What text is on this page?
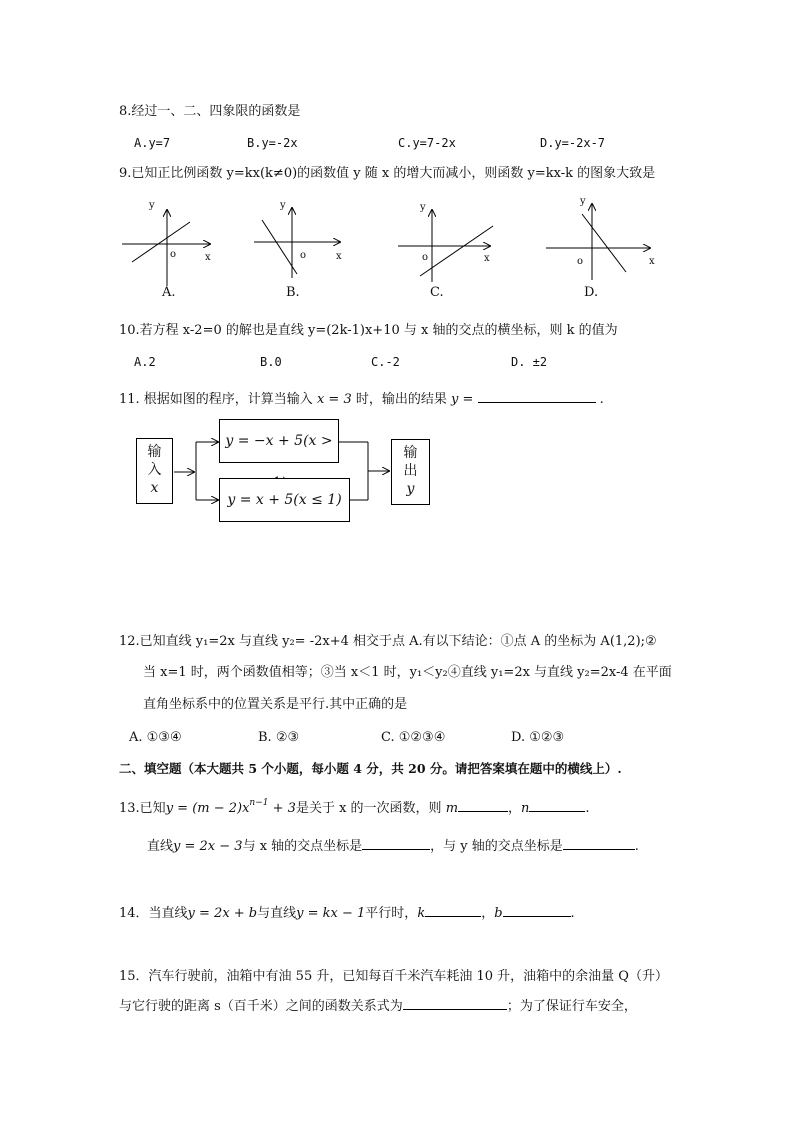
8.经过一、二、四象限的函数是
A.y=7	B.y=-2x	C.y=7-2x	D.y=-2x-7
9.已知正比例函数 y=kx(k≠0)的函数值 y 随 x 的增大而减小，则函数 y=kx-k 的图象大致是
y
x
o
A.
y
x
o
B.
y
x
o
C.
y
x
o
D.
10.若方程 x-2=0 的解也是直线 y=(2k-1)x+10 与 x 轴的交点的横坐标，则 k 的值为
A.2	B.0	C.-2	D. ±2
11. 根据如图的程序，计算当输入 x = 3 时，输出的结果 y =	.
输
入
x
y = −x + 5(x >
y = x + 5(x ≤ 1)
输
出
y
12.已知直线 y₁=2x 与直线 y₂= -2x+4 相交于点 A.有以下结论：①点 A 的坐标为 A(1,2);②
当 x=1 时，两个函数值相等；③当 x＜1 时，y₁＜y₂④直线 y₁=2x 与直线 y₂=2x-4 在平面
直角坐标系中的位置关系是平行.其中正确的是
A. ①③④	B. ②③	C. ①②③④	D. ①②③
二、填空题（本大题共 5 个小题，每小题 4 分，共 20 分。请把答案填在题中的横线上）.
13.已知$y = (m - 2)x^{n-1} + 3$是关于 x 的一次函数，则 m	，n	.
直线y = 2x − 3与 x 轴的交点坐标是	，与 y 轴的交点坐标是	.
14．当直线y = 2x + b与直线y = kx − 1平行时，k	，b	.
15．汽车行驶前，油箱中有油 55 升，已知每百千米汽车耗油 10 升，油箱中的余油量 Q（升）
与它行驶的距离 s（百千米）之间的函数关系式为	；为了保证行车安全，
